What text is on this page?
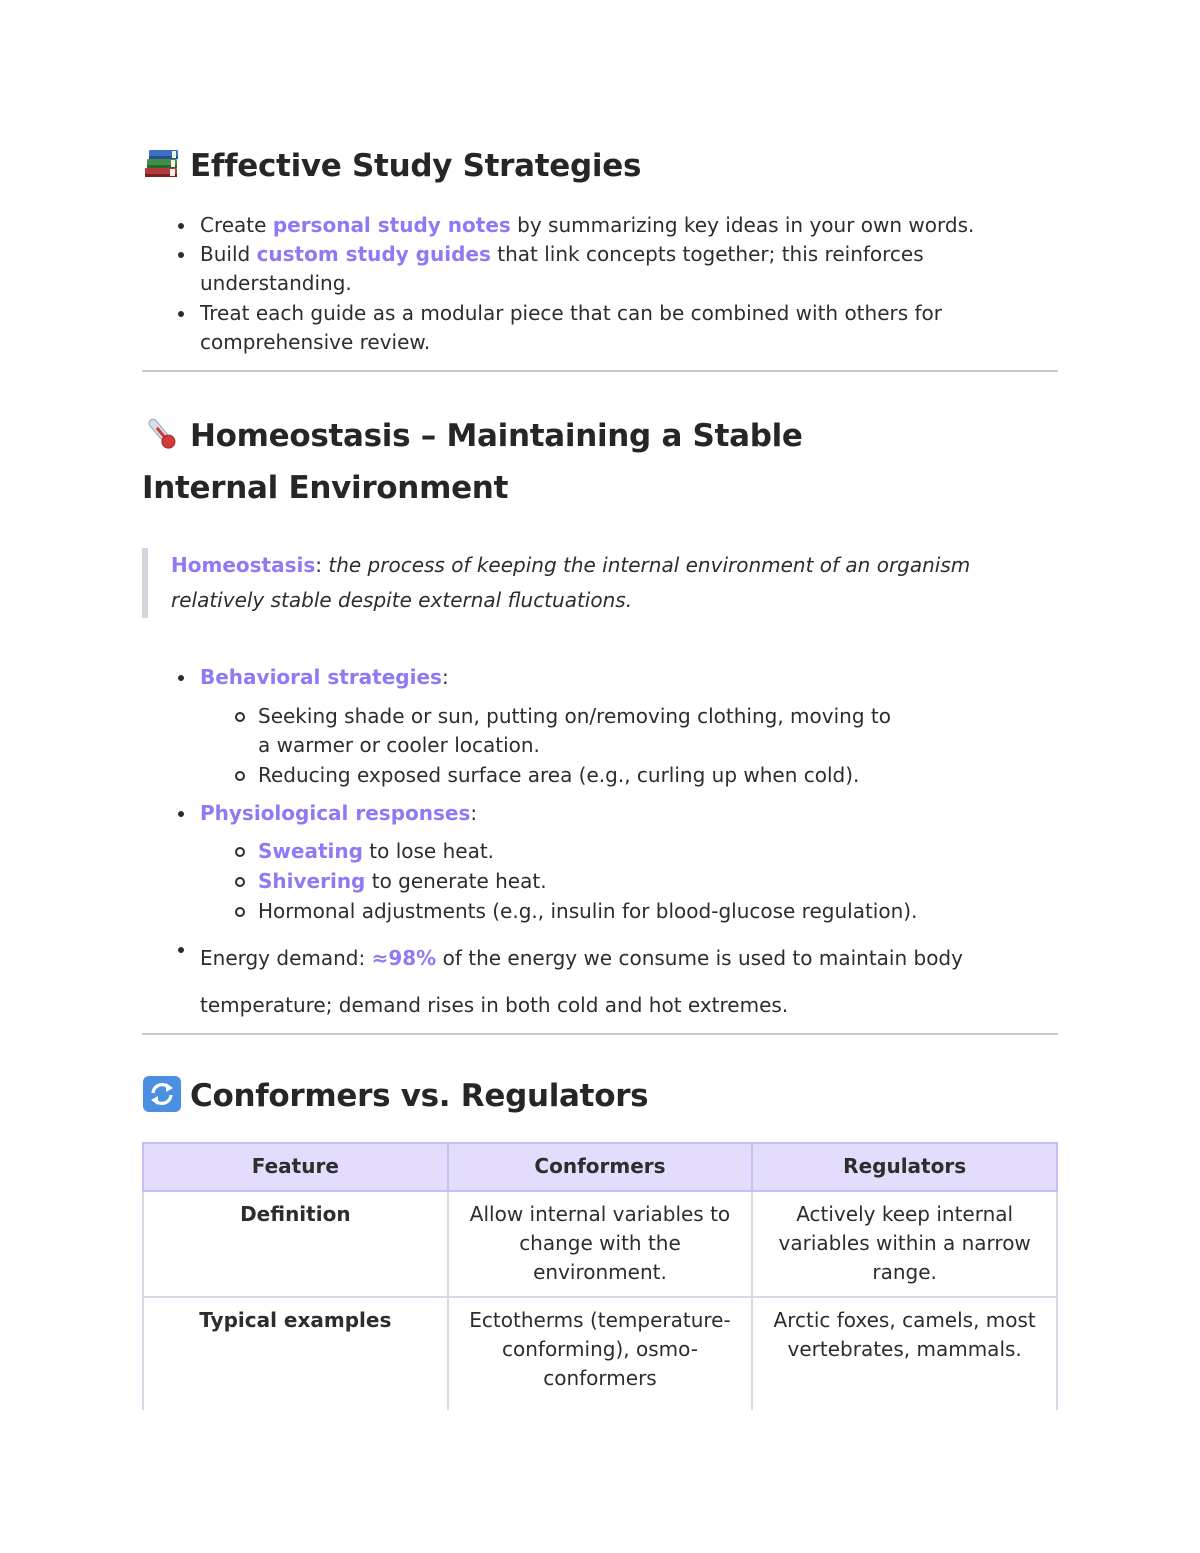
Effective Study Strategies
Create personal study notes by summarizing key ideas in your own words.
Build custom study guides that link concepts together; this reinforces understanding.
Treat each guide as a modular piece that can be combined with others for comprehensive review.
Homeostasis – Maintaining a Stable Internal Environment
Homeostasis: the process of keeping the internal environment of an organism relatively stable despite external fluctuations.
Behavioral strategies:
Seeking shade or sun, putting on/removing clothing, moving to a warmer or cooler location.
Reducing exposed surface area (e.g., curling up when cold).
Physiological responses:
Sweating to lose heat.
Shivering to generate heat.
Hormonal adjustments (e.g., insulin for blood-glucose regulation).
Energy demand: ≈98% of the energy we consume is used to maintain body temperature; demand rises in both cold and hot extremes.
Conformers vs. Regulators
Feature	Conformers	Regulators
Definition	Allow internal variables to change with the environment.	Actively keep internal variables within a narrow range.
Typical examples	Ectotherms (temperature-conforming), osmo-conformers	Arctic foxes, camels, most vertebrates, mammals.
